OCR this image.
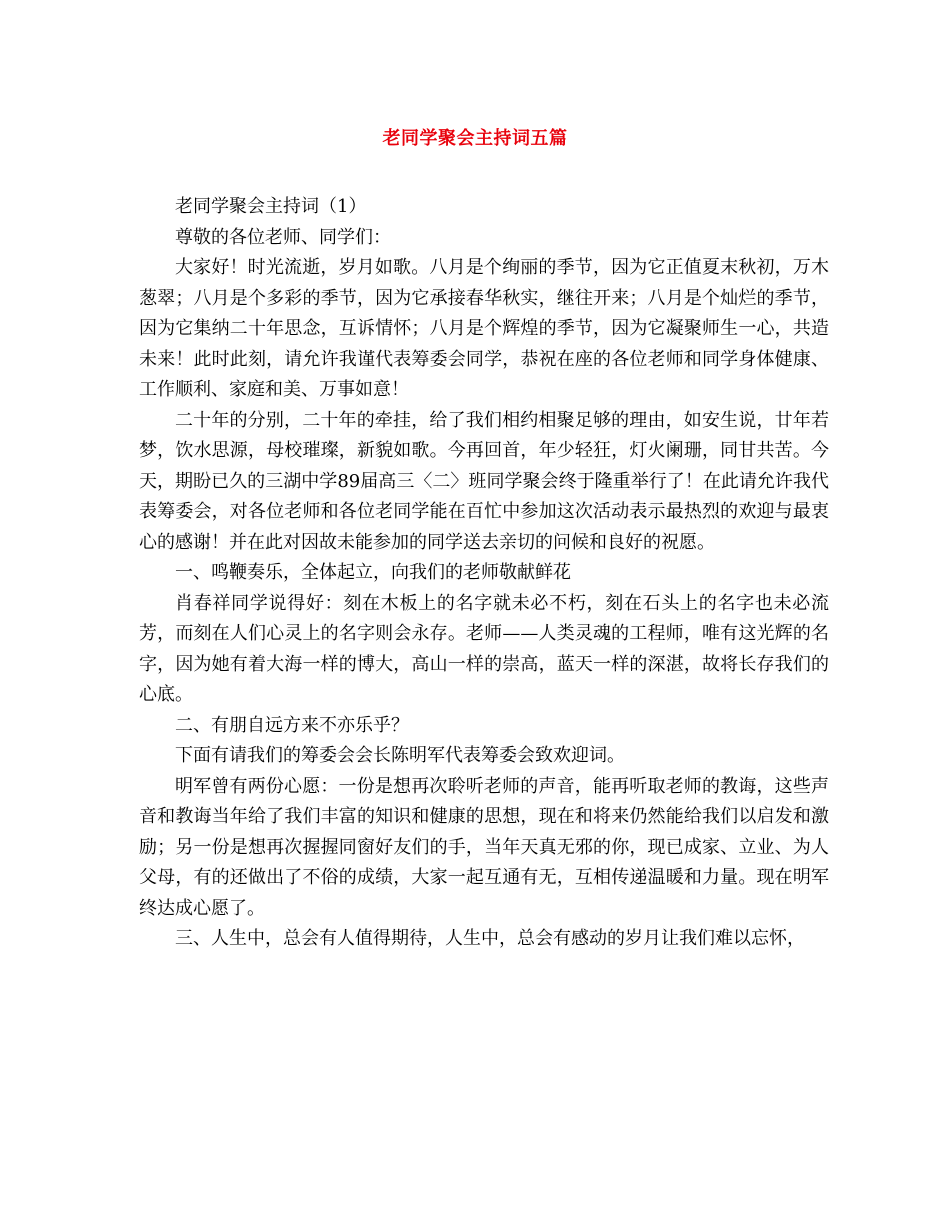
老同学聚会主持词五篇

老同学聚会主持词（1）

尊敬的各位老师、同学们：

大家好！时光流逝，岁月如歌。八月是个绚丽的季节，因为它正值夏末秋初，万木葱翠；八月是个多彩的季节，因为它承接春华秋实，继往开来；八月是个灿烂的季节，因为它集纳二十年思念，互诉情怀；八月是个辉煌的季节，因为它凝聚师生一心，共造未来！此时此刻，请允许我谨代表筹委会同学，恭祝在座的各位老师和同学身体健康、工作顺利、家庭和美、万事如意！

二十年的分别，二十年的牵挂，给了我们相约相聚足够的理由，如安生说，廿年若梦，饮水思源，母校璀璨，新貌如歌。今再回首，年少轻狂，灯火阑珊，同甘共苦。今天，期盼已久的三湖中学89届高三〈二〉班同学聚会终于隆重举行了！在此请允许我代表筹委会，对各位老师和各位老同学能在百忙中参加这次活动表示最热烈的欢迎与最衷心的感谢！并在此对因故未能参加的同学送去亲切的问候和良好的祝愿。

一、鸣鞭奏乐，全体起立，向我们的老师敬献鲜花

肖春祥同学说得好：刻在木板上的名字就未必不朽，刻在石头上的名字也未必流芳，而刻在人们心灵上的名字则会永存。老师——人类灵魂的工程师，唯有这光辉的名字，因为她有着大海一样的博大，高山一样的崇高，蓝天一样的深湛，故将长存我们的心底。

二、有朋自远方来不亦乐乎？

下面有请我们的筹委会会长陈明军代表筹委会致欢迎词。

明军曾有两份心愿：一份是想再次聆听老师的声音，能再听取老师的教诲，这些声音和教诲当年给了我们丰富的知识和健康的思想，现在和将来仍然能给我们以启发和激励；另一份是想再次握握同窗好友们的手，当年天真无邪的你，现已成家、立业、为人父母，有的还做出了不俗的成绩，大家一起互通有无，互相传递温暖和力量。现在明军终达成心愿了。

三、人生中，总会有人值得期待，人生中，总会有感动的岁月让我们难以忘怀，
